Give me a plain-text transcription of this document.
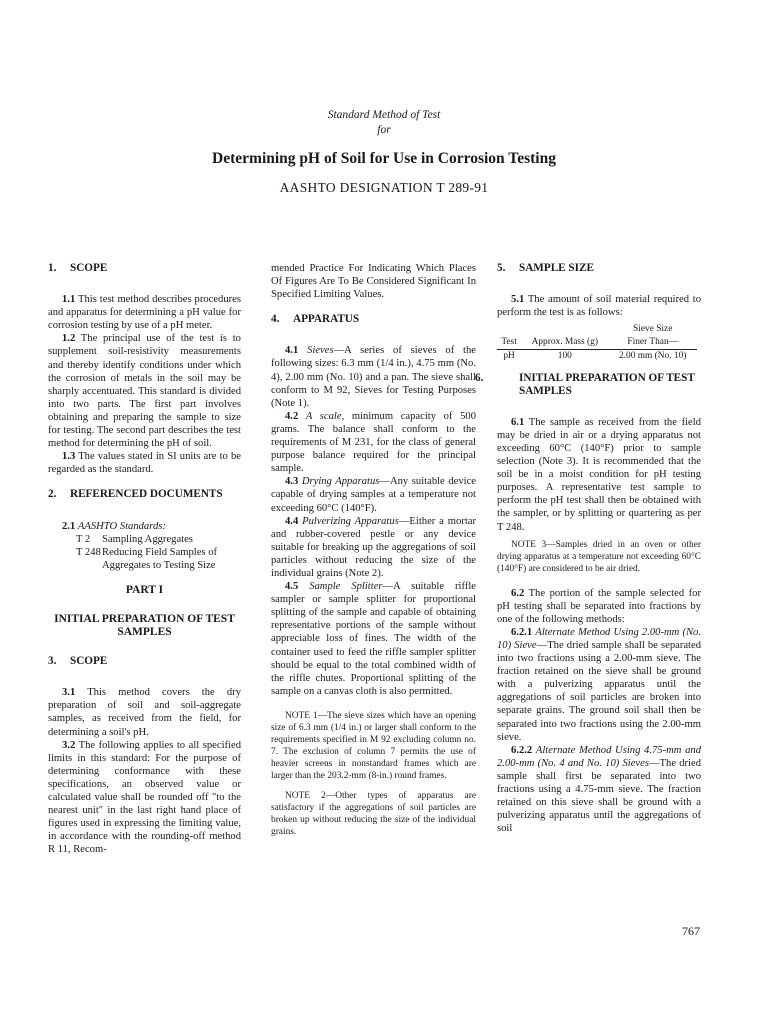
Standard Method of Test
for
Determining pH of Soil for Use in Corrosion Testing
AASHTO DESIGNATION T 289-91
1. SCOPE

1.1 This test method describes procedures and apparatus for determining a pH value for corrosion testing by use of a pH meter.

1.2 The principal use of the test is to supplement soil-resistivity measurements and thereby identify conditions under which the corrosion of metals in the soil may be sharply accentuated. This standard is divided into two parts. The first part involves obtaining and preparing the sample to size for testing. The second part describes the test method for determining the pH of soil.

1.3 The values stated in SI units are to be regarded as the standard.

2. REFERENCED DOCUMENTS

2.1 AASHTO Standards:

T 2	Sampling Aggregates
T 248 Reducing Field Samples of Aggregates to Testing Size
PART I
INITIAL PREPARATION OF TEST SAMPLES
3. SCOPE

3.1 This method covers the dry preparation of soil and soil-aggregate samples, as received from the field, for determining a soil's pH.

3.2 The following applies to all specified limits in this standard: For the purpose of determining conformance with these specifications, an observed value or calculated value shall be rounded off "to the nearest unit" in the last right hand place of figures used in expressing the limiting value, in accordance with the rounding-off method R 11, Recom-

mended Practice For Indicating Which Places Of Figures Are To Be Considered Significant In Specified Limiting Values.

4. APPARATUS

4.1 Sieves—A series of sieves of the following sizes: 6.3 mm (1/4 in.), 4.75 mm (No. 4), 2.00 mm (No. 10) and a pan. The sieve shall conform to M 92, Sieves for Testing Purposes (Note 1).

4.2 A scale, minimum capacity of 500 grams. The balance shall conform to the requirements of M 231, for the class of general purpose balance required for the principal sample.

4.3 Drying Apparatus—Any suitable device capable of drying samples at a temperature not exceeding 60°C (140°F).

4.4 Pulverizing Apparatus—Either a mortar and rubber-covered pestle or any device suitable for breaking up the aggregations of soil particles without reducing the size of the individual grains (Note 2).

4.5 Sample Splitter—A suitable riffle sampler or sample splitter for proportional splitting of the sample and capable of obtaining representative portions of the sample without appreciable loss of fines. The width of the container used to feed the riffle sampler splitter should be equal to the total combined width of the riffle chutes. Proportional splitting of the sample on a canvas cloth is also permitted.

NOTE 1—The sieve sizes which have an opening size of 6.3 mm (1/4 in.) or larger shall conform to the requirements specified in M 92 excluding column no. 7. The exclusion of column 7 permits the use of heavier screens in nonstandard frames which are larger than the 203.2-mm (8-in.) round frames.

NOTE 2—Other types of apparatus are satisfactory if the aggregations of soil particles are broken up without reducing the size of the individual grains.

5. SAMPLE SIZE

5.1 The amount of soil material required to perform the test is as follows:

		Sieve Size
Test	Approx. Mass (g)	Finer Than—

pH	100	2.00 mm (No. 10)
6.	INITIAL PREPARATION OF TEST SAMPLES

6.1 The sample as received from the field may be dried in air or a drying apparatus not exceeding 60°C (140°F) prior to sample selection (Note 3). It is recommended that the soil be in a moist condition for pH testing purposes. A representative test sample to perform the pH test shall then be obtained with the sampler, or by splitting or quartering as per T 248.

NOTE 3—Samples dried in an oven or other drying apparatus at a temperature not exceeding 60°C (140°F) are considered to be air dried.

6.2 The portion of the sample selected for pH testing shall be separated into fractions by one of the following methods:

6.2.1 Alternate Method Using 2.00-mm (No. 10) Sieve—The dried sample shall be separated into two fractions using a 2.00-mm sieve. The fraction retained on the sieve shall be ground with a pulverizing apparatus until the aggregations of soil particles are broken into separate grains. The ground soil shall then be separated into two fractions using the 2.00-mm sieve.

6.2.2 Alternate Method Using 4.75-mm and 2.00-mm (No. 4 and No. 10) Sieves—The dried sample shall first be separated into two fractions using a 4.75-mm sieve. The fraction retained on this sieve shall be ground with a pulverizing apparatus until the aggregations of soil

767
